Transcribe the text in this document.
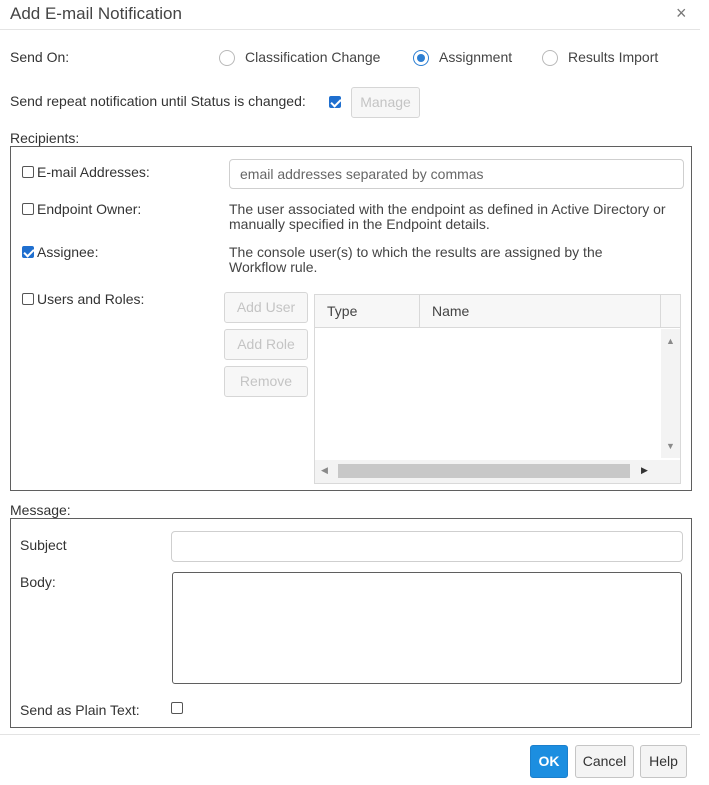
Add E-mail Notification	×
Send On:	Classification Change	Assignment	Results Import
Send repeat notification until Status is changed:	Manage
Recipients:
E-mail Addresses:
email addresses separated by commas
Endpoint Owner:	The user associated with the endpoint as defined in Active Directory or manually specified in the Endpoint details.
Assignee:	The console user(s) to which the results are assigned by the Workflow rule.
Users and Roles:	Add User
Add Role
Remove
Type	Name
▲
▼
◀	▶
Message:
Subject
Body:
Send as Plain Text:
OK	Cancel	Help
